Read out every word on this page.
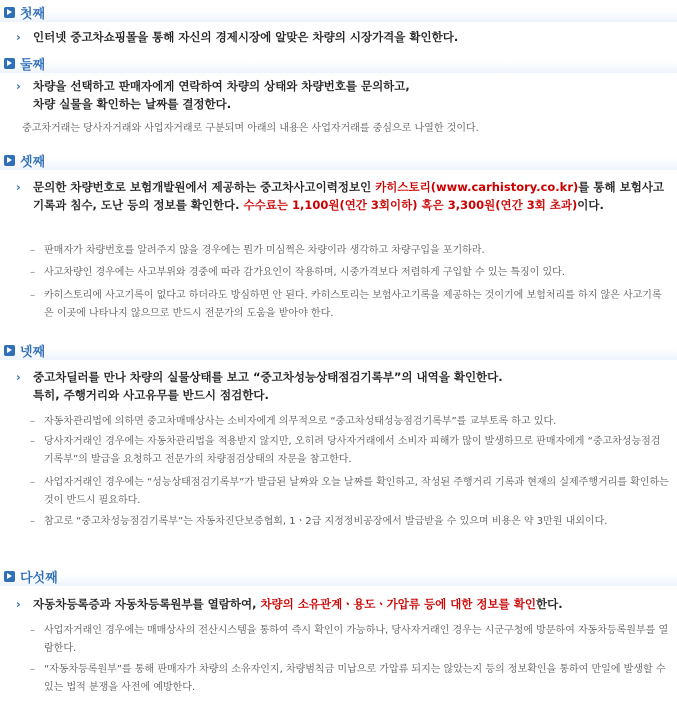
첫째
› 인터넷 중고차쇼핑몰을 통해 자신의 경제시장에 알맞은 차량의 시장가격을 확인한다.
둘째
› 차량을 선택하고 판매자에게 연락하여 차량의 상태와 차량번호를 문의하고,
차량 실물을 확인하는 날짜를 결정한다.
중고차거래는 당사자거래와 사업자거래로 구분되며 아래의 내용은 사업자거래를 중심으로 나열한 것이다.
셋째
› 문의한 차량번호로 보험개발원에서 제공하는 중고차사고이력정보인 카히스토리(www.carhistory.co.kr)를 통해 보험사고기록과 침수, 도난 등의 정보를 확인한다. 수수료는 1,100원(연간 3회이하) 혹은 3,300원(연간 3회 초과)이다.
– 판매자가 차량번호를 알려주지 않을 경우에는 뭔가 미심쩍은 차량이라 생각하고 차량구입을 포기하라.
– 사고차량인 경우에는 사고부위와 경중에 따라 감가요인이 작용하며, 시중가격보다 저렴하게 구입할 수 있는 특징이 있다.
– 카히스토리에 사고기록이 없다고 하더라도 방심하면 안 된다. 카히스토리는 보험사고기록을 제공하는 것이기에 보험처리를 하지 않은 사고기록은 이곳에 나타나지 않으므로 반드시 전문가의 도움을 받아야 한다.
넷째
› 중고차딜러를 만나 차량의 실물상태를 보고 “중고차성능상태점검기록부”의 내역을 확인한다.
특히, 주행거리와 사고유무를 반드시 점검한다.
– 자동차관리법에 의하면 중고차매매상사는 소비자에게 의무적으로 “중고차성태성능점검기록부”를 교부토록 하고 있다.
– 당사자거래인 경우에는 자동차관리법을 적용받지 않지만, 오히려 당사자거래에서 소비자 피해가 많이 발생하므로 판매자에게 “중고차성능점검기록부”의 발급을 요청하고 전문가의 차량점검상태의 자문을 참고한다.
– 사업자거래인 경우에는 “성능상태점검기록부”가 발급된 날짜와 오늘 날짜를 확인하고, 작성된 주행거리 기록과 현재의 실제주행거리를 확인하는 것이 반드시 필요하다.
– 참고로 “중고차성능점검기록부”는 자동차진단보증협회, 1ㆍ2급 지정정비공장에서 발급받을 수 있으며 비용은 약 3만원 내외이다.
다섯째
› 자동차등록증과 자동차등록원부를 열람하여, 차량의 소유관계ㆍ용도ㆍ가압류 등에 대한 정보를 확인한다.
– 사업자거래인 경우에는 매매상사의 전산시스템을 통하여 즉시 확인이 가능하나, 당사자거래인 경우는 시군구청에 방문하여 자동차등록원부를 열람한다.
– “자동차등록원부”를 통해 판매자가 차량의 소유자인지, 차량범칙금 미납으로 가압류 되지는 않았는지 등의 정보확인을 통하여 만일에 발생할 수 있는 법적 분쟁을 사전에 예방한다.
